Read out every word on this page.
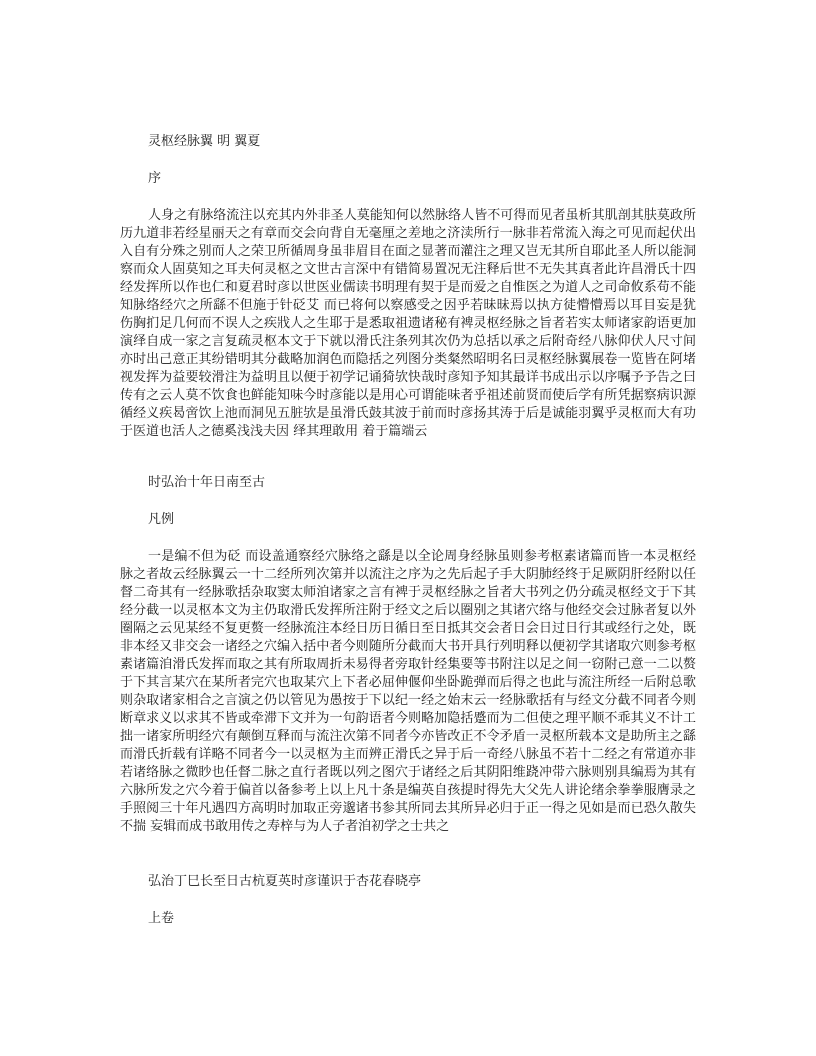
灵枢经脉翼 明 翼夏

序

人身之有脉络流注以充其内外非圣人莫能知何以然脉络人皆不可得而见者虽析其肌剖其肤莫政所历九道非若经星丽天之有章而交会向背自无毫厘之差地之济渎所行一脉非若常流入海之可见而起伏出入自有分殊之别而人之荣卫所循周身虽非眉目在面之显著而灌注之理又岂无其所自耶此圣人所以能洞察而众人固莫知之耳夫何灵枢之文世古言深中有错简易置况无注释后世不无失其真者此许昌滑氏十四经发挥所以作也仁和夏君时彦以世医业儒读书明理有契于是而爱之自惟医之为道人之司命攸系苟不能知脉络经穴之所繇不但施于针砭艾 而已将何以察感受之因乎若昧昧焉以执方徒懵懵焉以耳目妄是犹伤胸扪足几何而不误人之疾戕人之生耶于是悉取祖遗诸秘有裨灵枢经脉之旨者若实太师诸家韵语更加演绎自成一家之言复疏灵枢本文于下就以滑氏注条列其次仍为总括以承之后附奇经八脉仰伏人尺寸间亦时出己意正其纷错明其分截略加润色而隐括之列图分类粲然昭明名曰灵枢经脉翼展卷一览皆在阿堵视发挥为益要较滑注为益明且以便于初学记诵猗欤快哉时彦知予知其最详书成出示以序嘱予予告之曰传有之云人莫不饮食也鲜能知味今时彦能以是用心可谓能味者乎祖述前贤而使后学有所凭据察病识源循经义疾曷啻饮上池而洞见五脏欤是虽滑氏鼓其波于前而时彦扬其涛于后是诚能羽翼乎灵枢而大有功于医道也活人之德奚浅浅夫因 绎其理敢用 着于篇端云

时弘治十年日南至古

凡例

一是编不但为砭 而设盖通察经穴脉络之繇是以全论周身经脉虽则参考枢素诸篇而皆一本灵枢经脉之者故云经脉翼云一十二经所列次第并以流注之序为之先后起子手大阴肺经终于足厥阴肝经附以任督二奇其有一经脉歌括杂取窦太师洎诸家之言有裨于灵枢经脉之旨者大书列之仍分疏灵枢经文于下其经分截一以灵枢本文为主仍取滑氏发挥所注附于经文之后以圈别之其诸穴络与他经交会过脉者复以外圈隔之云见某经不复更赘一经脉流注本经日历日循日至日抵其交会者日会日过日行其或经行之处，既非本经又非交会一诸经之穴编入括中者今则随所分截而大书开具行列明释以便初学其诸取穴则参考枢素诸篇洎滑氏发挥而取之其有所取周折未易得者旁取针经集要等书附注以足之间一窃附己意一二以赘于下其言某穴在某所者完穴也取某穴上下者必屈伸偃仰坐卧跪弹而后得之也此与流注所经一后附总歌则杂取诸家相合之言演之仍以管见为愚按于下以纪一经之始末云一经脉歌括有与经文分截不同者今则断章求义以求其不皆或牵滞下文并为一句韵语者今则略加隐括蹙而为二但使之理平顺不乖其义不计工拙一诸家所明经穴有颠倒互释而与流注次第不同者今亦皆改正不令矛盾一灵枢所载本文是助所主之繇而滑氏折载有详略不同者今一以灵枢为主而辨正滑氏之异于后一奇经八脉虽不若十二经之有常道亦非若诸络脉之微眇也任督二脉之直行者既以列之图穴于诸经之后其阴阳维跷冲带六脉则别具编焉为其有六脉所发之穴今着于偏首以备参考上以上凡十条是编英自孩提时得先大父先人讲论绪余拳拳服膺录之手照阅三十年凡遇四方高明时加取正旁邈诸书参其所同去其所异必归于正一得之见如是而已恐久散失不揣 妄辑而成书敢用传之寿梓与为人子者洎初学之士共之

弘治丁巳长至日古杭夏英时彦谨识于杏花春晓亭

上卷
